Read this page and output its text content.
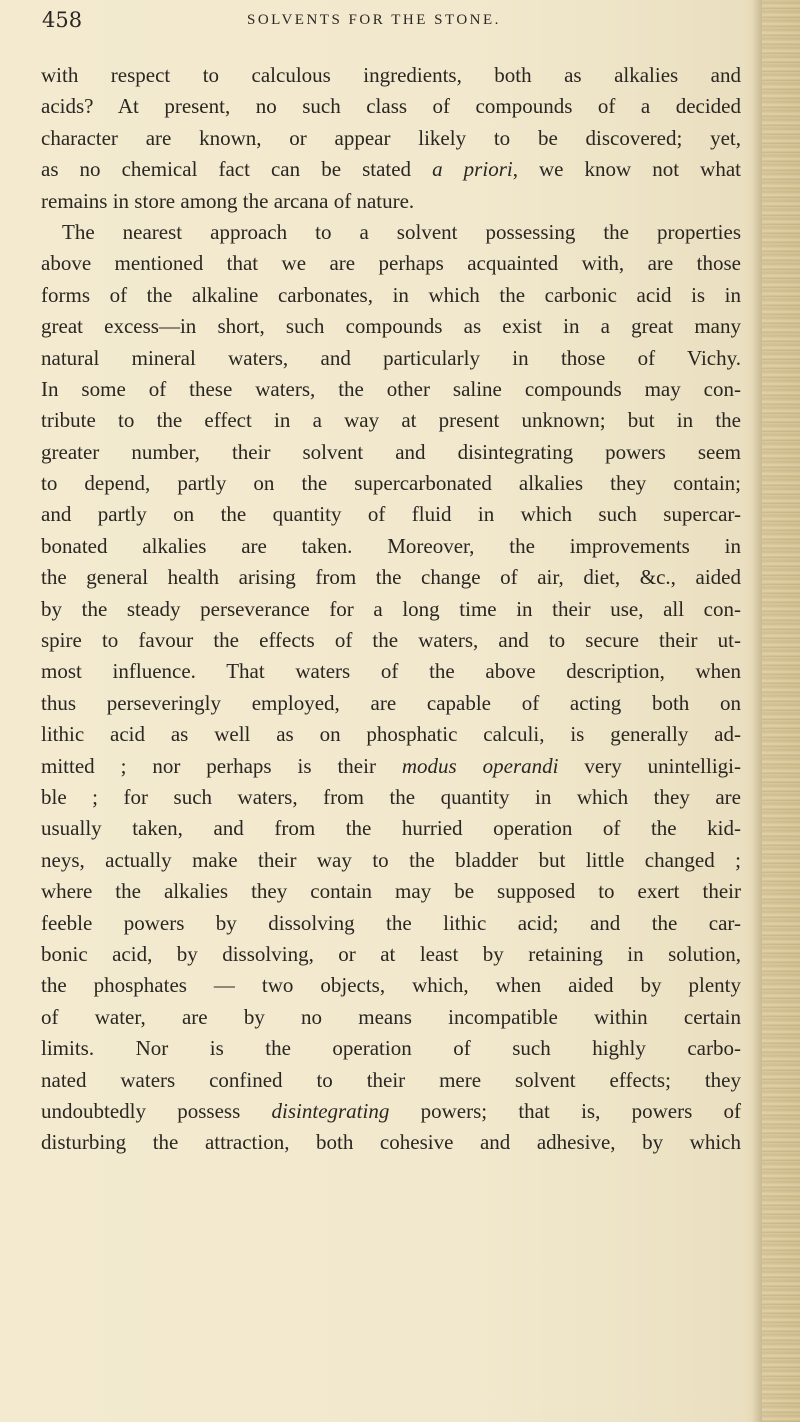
458	SOLVENTS FOR THE STONE.
with respect to calculous ingredients, both as alkalies and
acids? At present, no such class of compounds of a decided
character are known, or appear likely to be discovered; yet,
as no chemical fact can be stated a priori, we know not what
remains in store among the arcana of nature.
The nearest approach to a solvent possessing the properties
above mentioned that we are perhaps acquainted with, are those
forms of the alkaline carbonates, in which the carbonic acid is in
great excess—in short, such compounds as exist in a great many
natural mineral waters, and particularly in those of Vichy.
In some of these waters, the other saline compounds may con-
tribute to the effect in a way at present unknown; but in the
greater number, their solvent and disintegrating powers seem
to depend, partly on the supercarbonated alkalies they contain;
and partly on the quantity of fluid in which such supercar-
bonated alkalies are taken. Moreover, the improvements in
the general health arising from the change of air, diet, &c., aided
by the steady perseverance for a long time in their use, all con-
spire to favour the effects of the waters, and to secure their ut-
most influence. That waters of the above description, when
thus perseveringly employed, are capable of acting both on
lithic acid as well as on phosphatic calculi, is generally ad-
mitted ; nor perhaps is their modus operandi very unintelligi-
ble ; for such waters, from the quantity in which they are
usually taken, and from the hurried operation of the kid-
neys, actually make their way to the bladder but little changed ;
where the alkalies they contain may be supposed to exert their
feeble powers by dissolving the lithic acid; and the car-
bonic acid, by dissolving, or at least by retaining in solution,
the phosphates — two objects, which, when aided by plenty
of water, are by no means incompatible within certain
limits. Nor is the operation of such highly carbo-
nated waters confined to their mere solvent effects; they
undoubtedly possess disintegrating powers; that is, powers of
disturbing the attraction, both cohesive and adhesive, by which
